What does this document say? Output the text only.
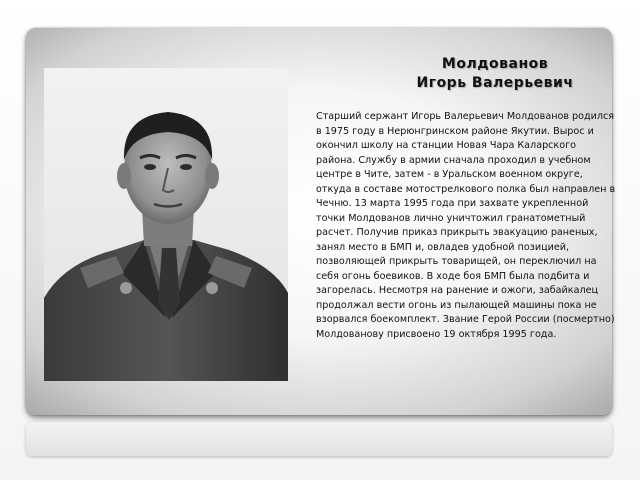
Молдованов
Игорь Валерьевич

Старший сержант Игорь Валерьевич Молдованов родился в 1975 году в Нерюнгринском районе Якутии. Вырос и окончил школу на станции Новая Чара Каларского района. Службу в армии сначала проходил в учебном центре в Чите, затем - в Уральском военном округе, откуда в составе мотострелкового полка был направлен в Чечню. 13 марта 1995 года при захвате укрепленной точки Молдованов лично уничтожил гранатометный расчет. Получив приказ прикрыть эвакуацию раненых, занял место в БМП и, овладев удобной позицией, позволяющей прикрыть товарищей, он переключил на себя огонь боевиков. В ходе боя БМП была подбита и загорелась. Несмотря на ранение и ожоги, забайкалец продолжал вести огонь из пылающей машины пока не взорвался боекомплект. Звание Герой России (посмертно) Молдованову присвоено 19 октября 1995 года.
